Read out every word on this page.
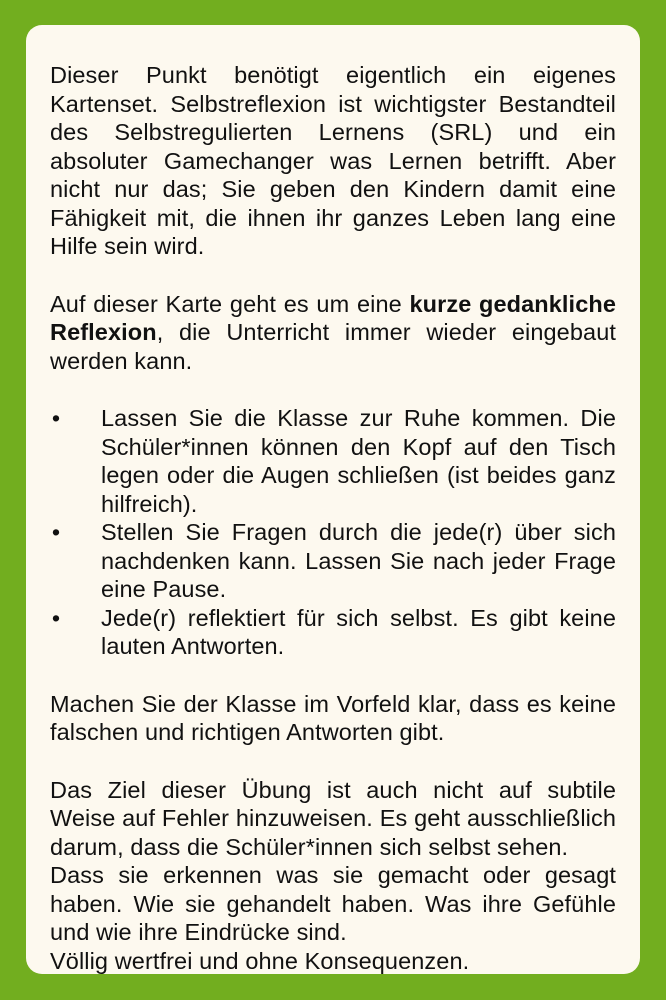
Dieser Punkt benötigt eigentlich ein eigenes Kartenset. Selbstreflexion ist wichtigster Bestandteil des Selbstregulierten Lernens (SRL) und ein absoluter Gamechanger was Lernen betrifft. Aber nicht nur das; Sie geben den Kindern damit eine Fähigkeit mit, die ihnen ihr ganzes Leben lang eine Hilfe sein wird.

Auf dieser Karte geht es um eine kurze gedankliche Reflexion, die Unterricht immer wieder eingebaut werden kann.

• Lassen Sie die Klasse zur Ruhe kommen. Die Schüler*innen können den Kopf auf den Tisch legen oder die Augen schließen (ist beides ganz hilfreich).
• Stellen Sie Fragen durch die jede(r) über sich nachdenken kann. Lassen Sie nach jeder Frage eine Pause.
• Jede(r) reflektiert für sich selbst. Es gibt keine lauten Antworten.

Machen Sie der Klasse im Vorfeld klar, dass es keine falschen und richtigen Antworten gibt.

Das Ziel dieser Übung ist auch nicht auf subtile Weise auf Fehler hinzuweisen. Es geht ausschließlich darum, dass die Schüler*innen sich selbst sehen.

Dass sie erkennen was sie gemacht oder gesagt haben. Wie sie gehandelt haben. Was ihre Gefühle und wie ihre Eindrücke sind.

Völlig wertfrei und ohne Konsequenzen.
